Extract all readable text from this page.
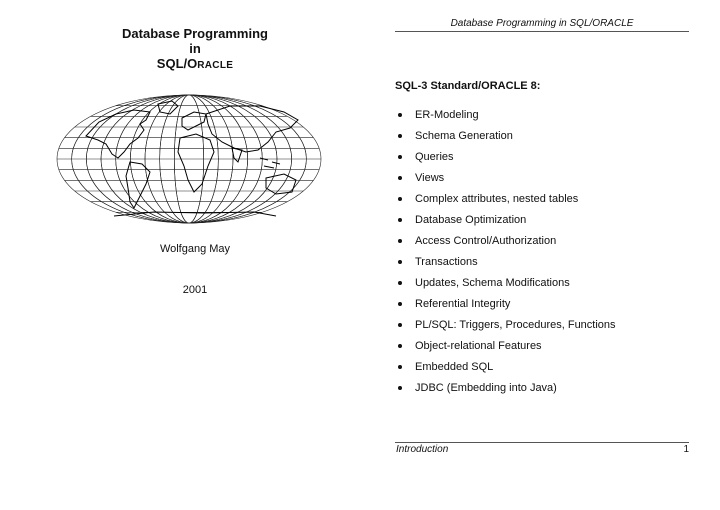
Database Programming
in
SQL/ORACLE
Wolfgang May
2001
Database Programming in SQL/ORACLE
SQL-3 Standard/ORACLE 8:
ER-Modeling
Schema Generation
Queries
Views
Complex attributes, nested tables
Database Optimization
Access Control/Authorization
Transactions
Updates, Schema Modifications
Referential Integrity
PL/SQL: Triggers, Procedures, Functions
Object-relational Features
Embedded SQL
JDBC (Embedding into Java)
Introduction	1
